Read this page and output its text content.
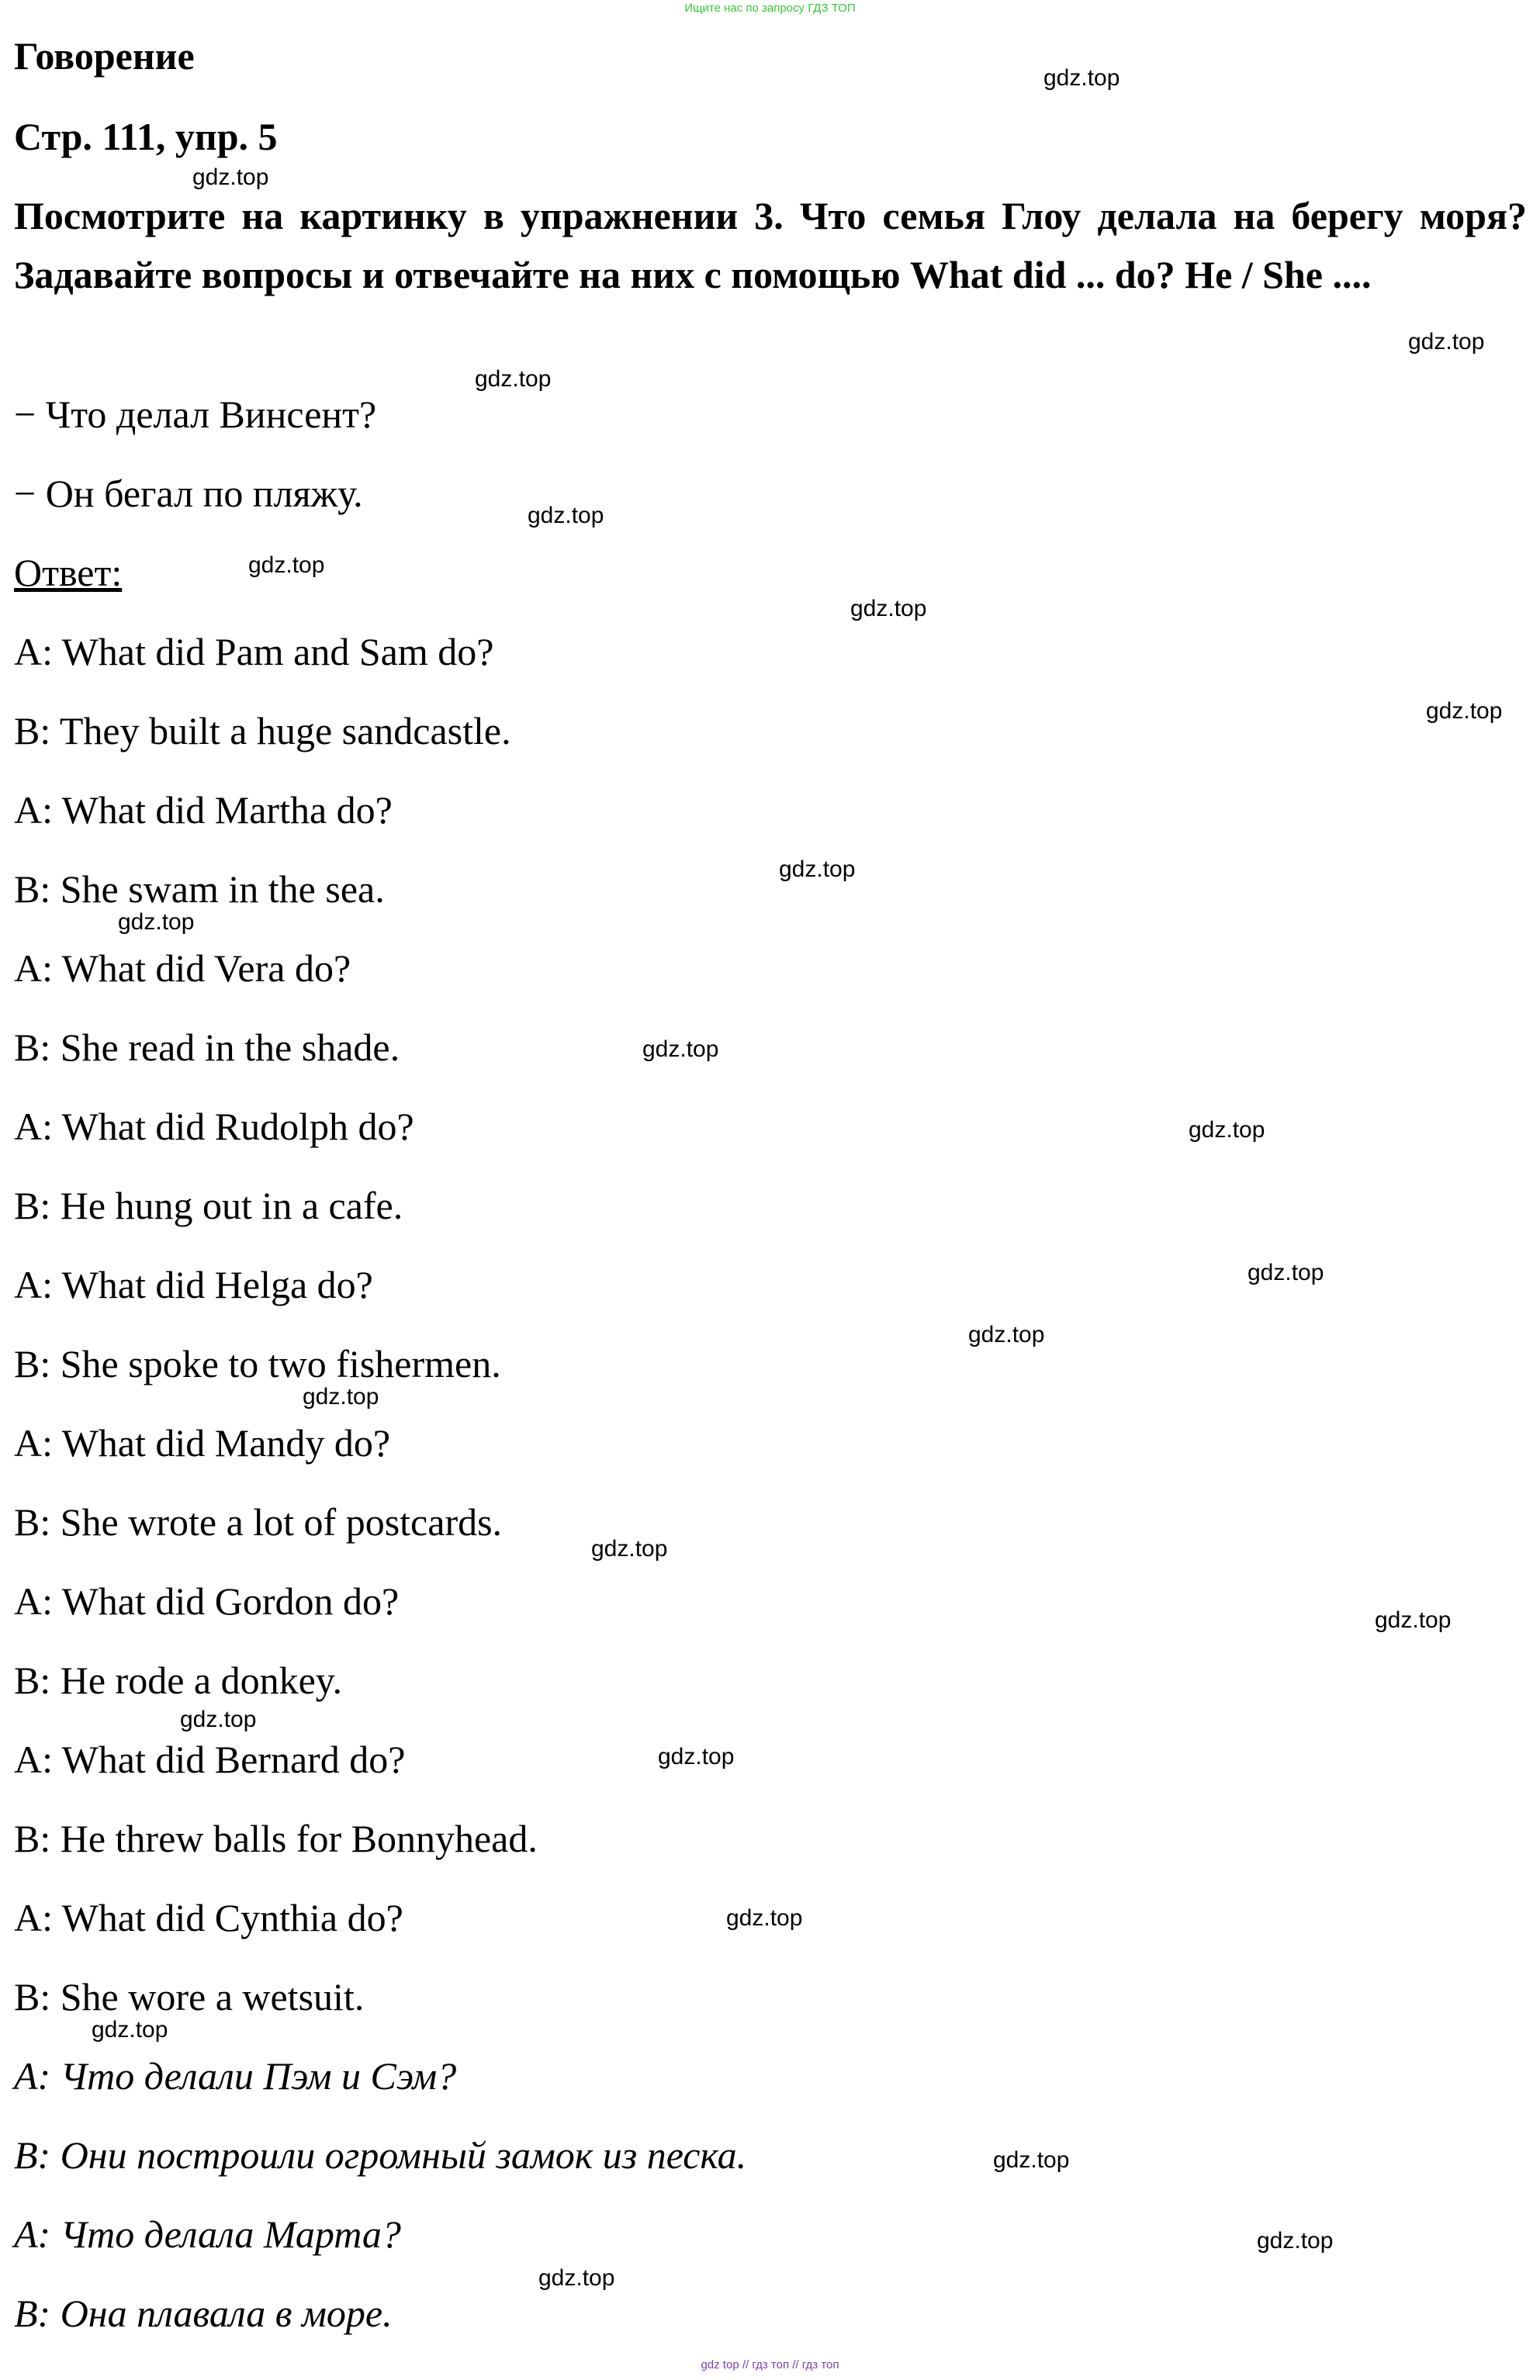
Ищите нас по запросу ГДЗ ТОП
Говорение
Стр. 111, упр. 5
Посмотрите на картинку в упражнении 3. Что семья Глоу делала на берегу моря? Задавайте вопросы и отвечайте на них с помощью What did ... do? He / She ....
− Что делал Винсент?
− Он бегал по пляжу.
Ответ:
A: What did Pam and Sam do?
B: They built a huge sandcastle.
A: What did Martha do?
B: She swam in the sea.
A: What did Vera do?
B: She read in the shade.
A: What did Rudolph do?
B: He hung out in a cafe.
A: What did Helga do?
B: She spoke to two fishermen.
A: What did Mandy do?
B: She wrote a lot of postcards.
A: What did Gordon do?
B: He rode a donkey.
A: What did Bernard do?
B: He threw balls for Bonnyhead.
A: What did Cynthia do?
B: She wore a wetsuit.
A: Что делали Пэм и Сэм?
B: Они построили огромный замок из песка.
A: Что делала Марта?
B: Она плавала в море.
gdz.top
gdz.top
gdz.top
gdz.top
gdz.top
gdz.top
gdz.top
gdz.top
gdz.top
gdz.top
gdz.top
gdz.top
gdz.top
gdz.top
gdz.top
gdz.top
gdz.top
gdz.top
gdz.top
gdz.top
gdz.top
gdz.top
gdz.top
gdz.top
gdz top // гдз топ // гдз топ
